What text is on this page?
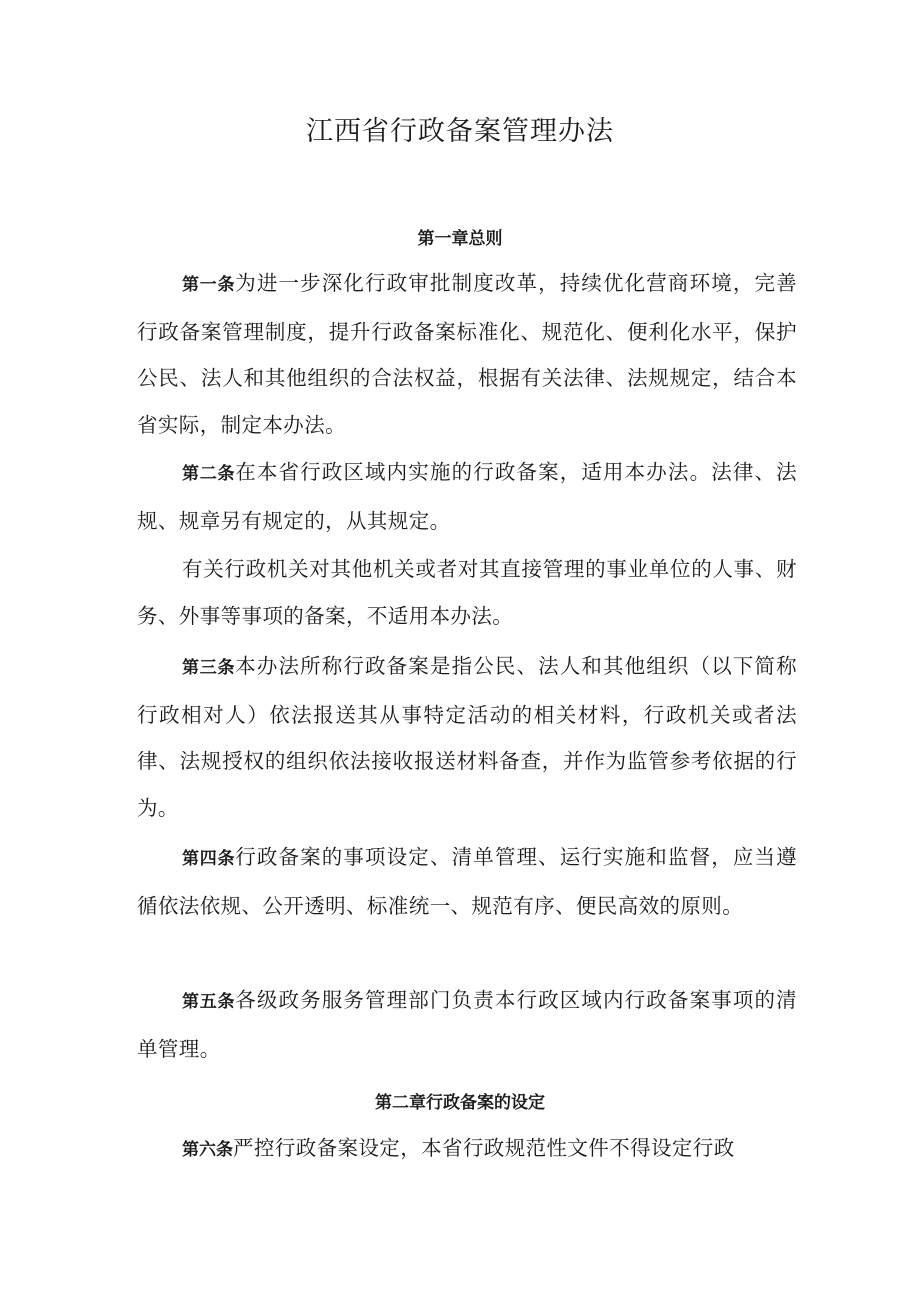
江西省行政备案管理办法
第一章总则

第一条为进一步深化行政审批制度改革，持续优化营商环境，完善行政备案管理制度，提升行政备案标准化、规范化、便利化水平，保护公民、法人和其他组织的合法权益，根据有关法律、法规规定，结合本省实际，制定本办法。

第二条在本省行政区域内实施的行政备案，适用本办法。法律、法规、规章另有规定的，从其规定。

有关行政机关对其他机关或者对其直接管理的事业单位的人事、财务、外事等事项的备案，不适用本办法。

第三条本办法所称行政备案是指公民、法人和其他组织（以下简称行政相对人）依法报送其从事特定活动的相关材料，行政机关或者法律、法规授权的组织依法接收报送材料备查，并作为监管参考依据的行为。

第四条行政备案的事项设定、清单管理、运行实施和监督，应当遵循依法依规、公开透明、标准统一、规范有序、便民高效的原则。

第五条各级政务服务管理部门负责本行政区域内行政备案事项的清单管理。

第二章行政备案的设定

第六条严控行政备案设定，本省行政规范性文件不得设定行政
